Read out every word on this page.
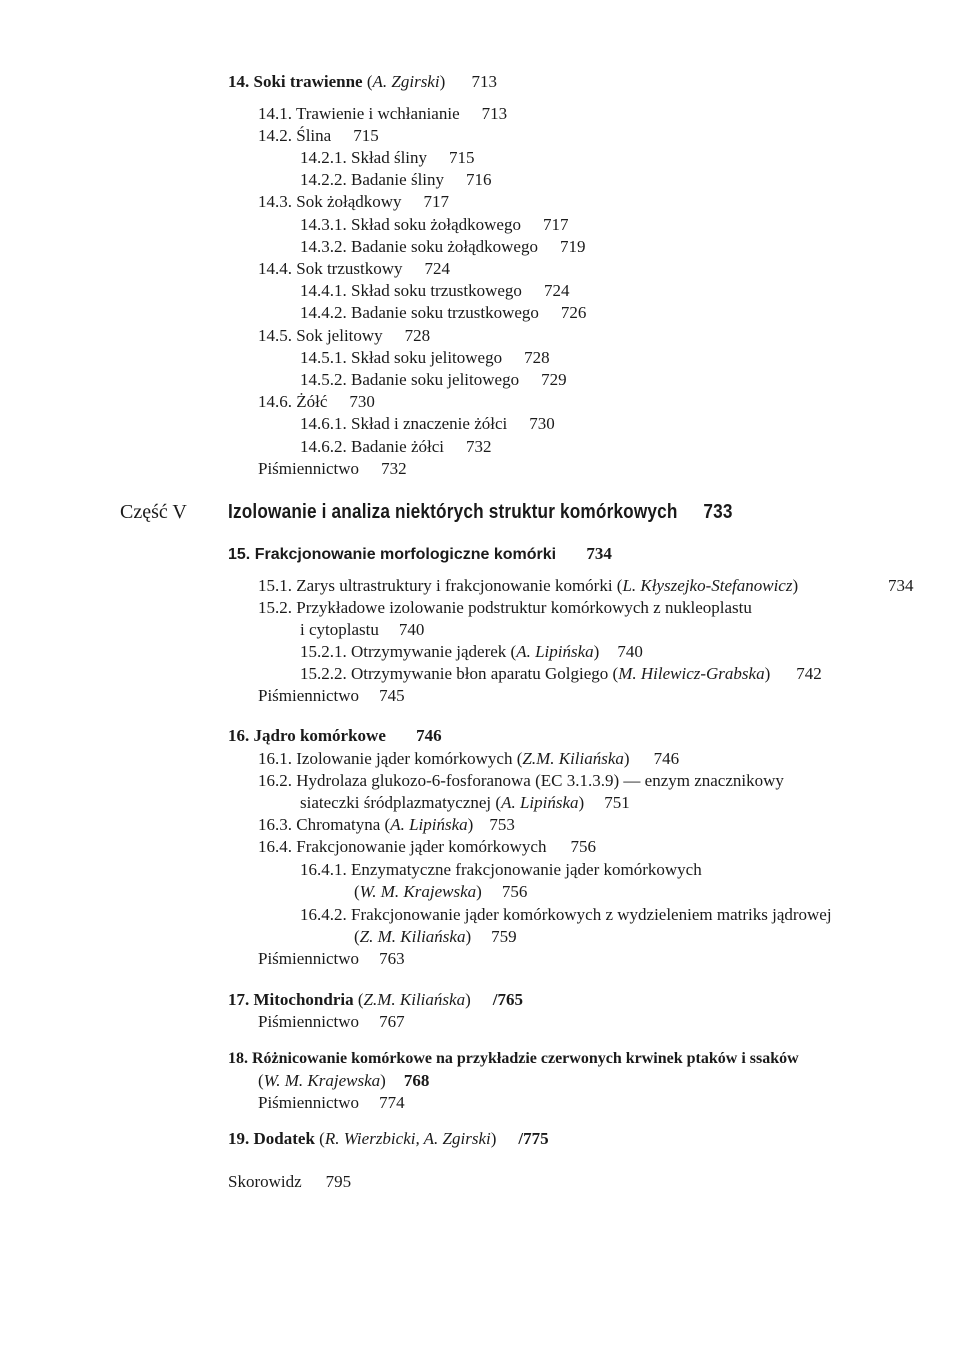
14. Soki trawienne (A. Zgirski) 713
14.1. Trawienie i wchłanianie 713
14.2. Ślina 715
14.2.1. Skład śliny 715
14.2.2. Badanie śliny 716
14.3. Sok żołądkowy 717
14.3.1. Skład soku żołądkowego 717
14.3.2. Badanie soku żołądkowego 719
14.4. Sok trzustkowy 724
14.4.1. Skład soku trzustkowego 724
14.4.2. Badanie soku trzustkowego 726
14.5. Sok jelitowy 728
14.5.1. Skład soku jelitowego 728
14.5.2. Badanie soku jelitowego 729
14.6. Żółć 730
14.6.1. Skład i znaczenie żółci 730
14.6.2. Badanie żółci 732
Piśmiennictwo 732
Część V Izolowanie i analiza niektórych struktur komórkowych 733
15. Frakcjonowanie morfologiczne komórki 734
15.1. Zarys ultrastruktury i frakcjonowanie komórki (L. Kłyszejko-Stefanowicz)	734
15.2. Przykładowe izolowanie podstruktur komórkowych z nukleoplastu
i cytoplastu 740
15.2.1. Otrzymywanie jąderek (A. Lipińska) 740
15.2.2. Otrzymywanie błon aparatu Golgiego (M. Hilewicz-Grabska) 742
Piśmiennictwo 745
16. Jądro komórkowe 746
16.1. Izolowanie jąder komórkowych (Z.M. Kiliańska) 746
16.2. Hydrolaza glukozo-6-fosforanowa (EC 3.1.3.9) — enzym znacznikowy
siateczki śródplazmatycznej (A. Lipińska) 751
16.3. Chromatyna (A. Lipińska) 753
16.4. Frakcjonowanie jąder komórkowych 756
16.4.1. Enzymatyczne frakcjonowanie jąder komórkowych
(W. M. Krajewska) 756
16.4.2. Frakcjonowanie jąder komórkowych z wydzieleniem matriks jądrowej
(Z. M. Kiliańska) 759
Piśmiennictwo 763
17. Mitochondria (Z.M. Kiliańska) /765
Piśmiennictwo 767
18. Różnicowanie komórkowe na przykładzie czerwonych krwinek ptaków i ssaków
(W. M. Krajewska) 768
Piśmiennictwo 774
19. Dodatek (R. Wierzbicki, A. Zgirski) /775
Skorowidz 795
